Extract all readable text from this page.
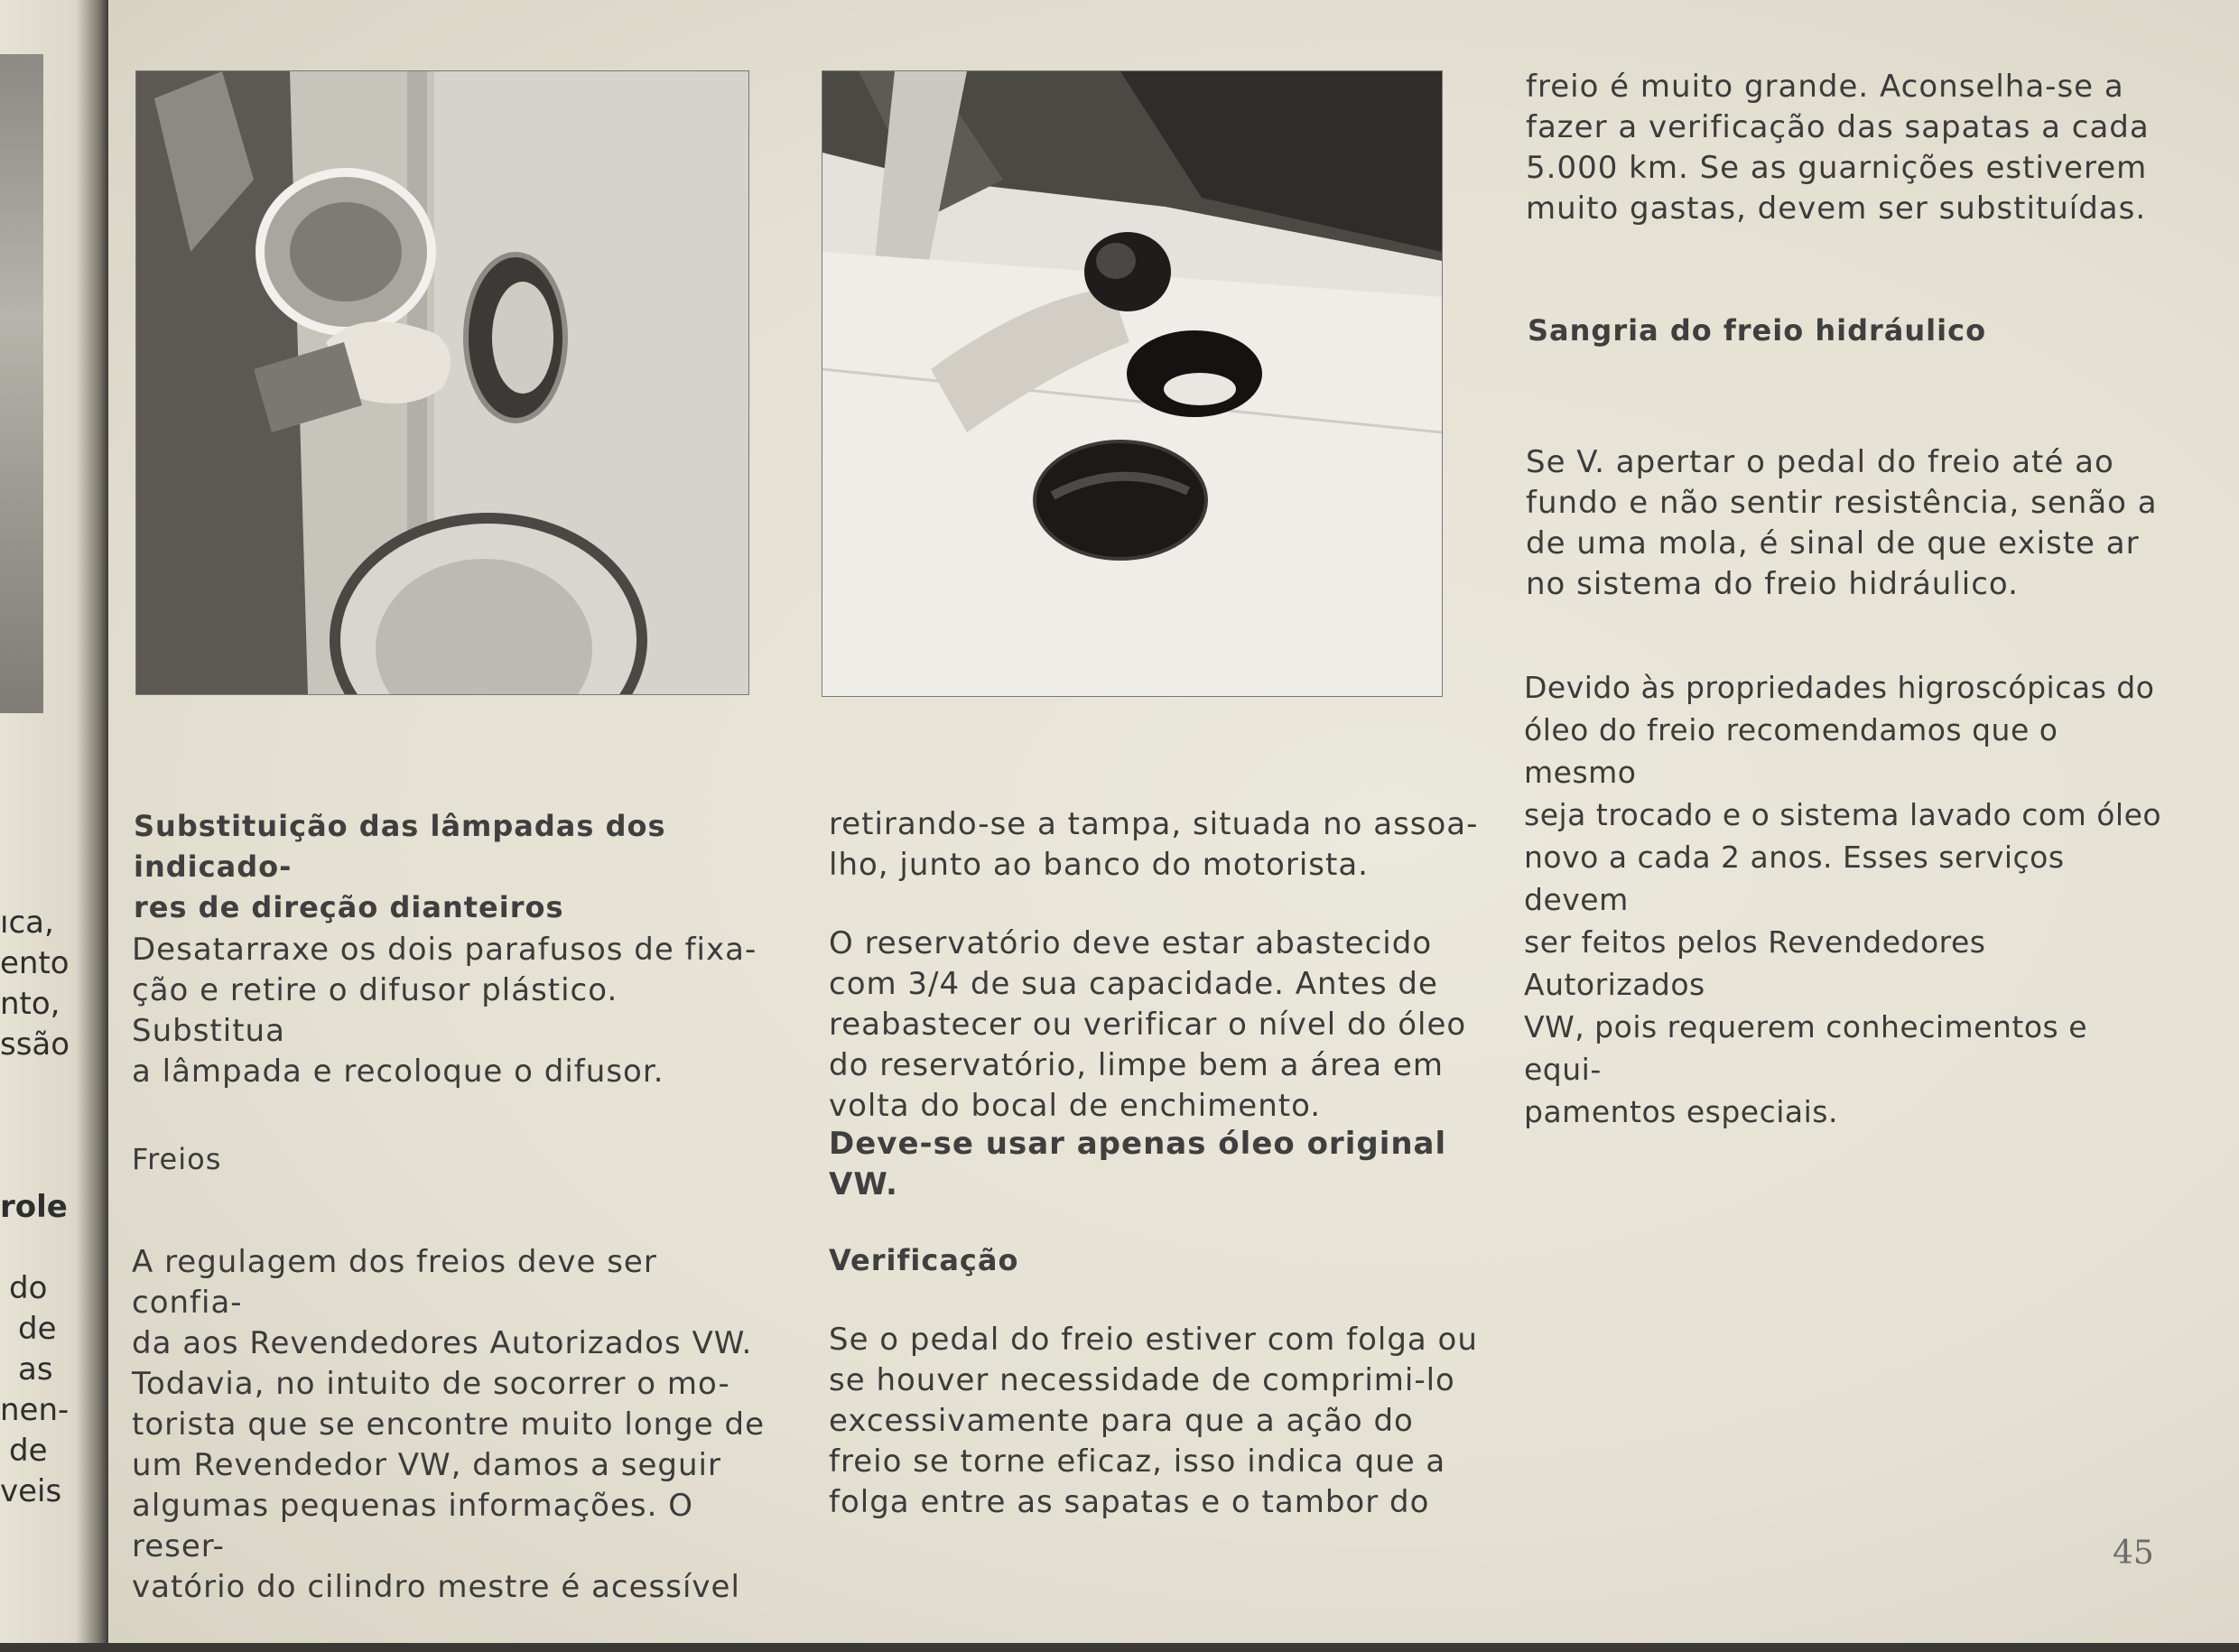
ıca,
ento
nto,
ssão
role
do
de
as
nen-
de
veis
Substituição das lâmpadas dos indicado-
res de direção dianteiros
Desatarraxe os dois parafusos de fixa-
ção e retire o difusor plástico. Substitua
a lâmpada e recoloque o difusor.
Freios
A regulagem dos freios deve ser confia-
da aos Revendedores Autorizados VW.
Todavia, no intuito de socorrer o mo-
torista que se encontre muito longe de
um Revendedor VW, damos a seguir
algumas pequenas informações. O reser-
vatório do cilindro mestre é acessível
retirando-se a tampa, situada no assoa-
lho, junto ao banco do motorista.
O reservatório deve estar abastecido
com 3/4 de sua capacidade. Antes de
reabastecer ou verificar o nível do óleo
do reservatório, limpe bem a área em
volta do bocal de enchimento.
Deve-se usar apenas óleo original VW.
Verificação
Se o pedal do freio estiver com folga ou
se houver necessidade de comprimi-lo
excessivamente para que a ação do
freio se torne eficaz, isso indica que a
folga entre as sapatas e o tambor do
freio é muito grande. Aconselha-se a
fazer a verificação das sapatas a cada
5.000 km. Se as guarnições estiverem
muito gastas, devem ser substituídas.
Sangria do freio hidráulico
Se V. apertar o pedal do freio até ao
fundo e não sentir resistência, senão a
de uma mola, é sinal de que existe ar
no sistema do freio hidráulico.
Devido às propriedades higroscópicas do
óleo do freio recomendamos que o mesmo
seja trocado e o sistema lavado com óleo
novo a cada 2 anos. Esses serviços devem
ser feitos pelos Revendedores Autorizados
VW, pois requerem conhecimentos e equi-
pamentos especiais.
45
